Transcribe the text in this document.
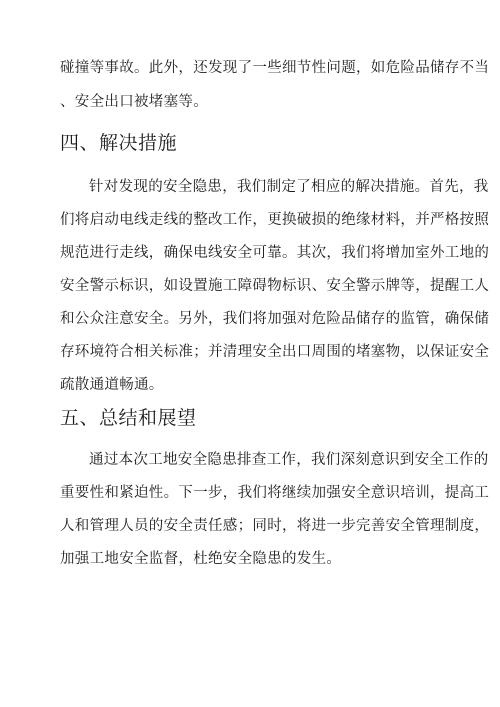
碰撞等事故。此外，还发现了一些细节性问题，如危险品储存不当
、安全出口被堵塞等。
四、解决措施
针对发现的安全隐患，我们制定了相应的解决措施。首先，我
们将启动电线走线的整改工作，更换破损的绝缘材料，并严格按照
规范进行走线，确保电线安全可靠。其次，我们将增加室外工地的
安全警示标识，如设置施工障碍物标识、安全警示牌等，提醒工人
和公众注意安全。另外，我们将加强对危险品储存的监管，确保储
存环境符合相关标准；并清理安全出口周围的堵塞物，以保证安全
疏散通道畅通。
五、总结和展望
通过本次工地安全隐患排查工作，我们深刻意识到安全工作的
重要性和紧迫性。下一步，我们将继续加强安全意识培训，提高工
人和管理人员的安全责任感；同时，将进一步完善安全管理制度，
加强工地安全监督，杜绝安全隐患的发生。
